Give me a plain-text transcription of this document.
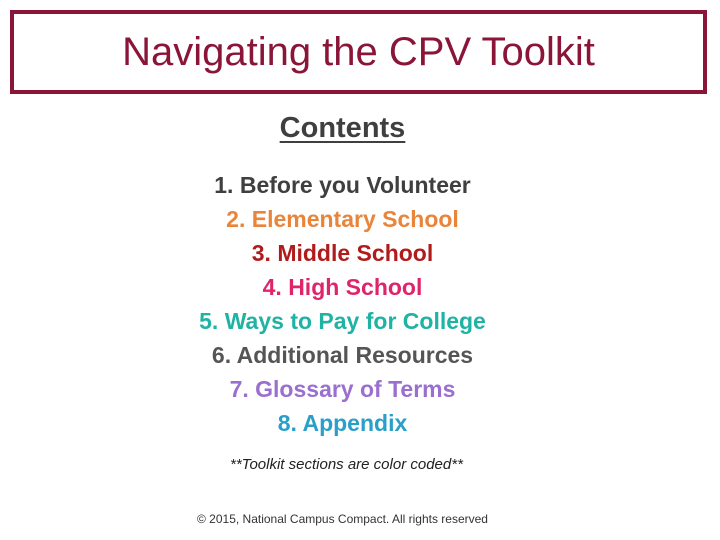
Navigating the CPV Toolkit
Contents
1. Before you Volunteer
2. Elementary School
3. Middle School
4. High School
5. Ways to Pay for College
6. Additional Resources
7. Glossary of Terms
8. Appendix
**Toolkit sections are color coded**
© 2015, National Campus Compact. All rights reserved
